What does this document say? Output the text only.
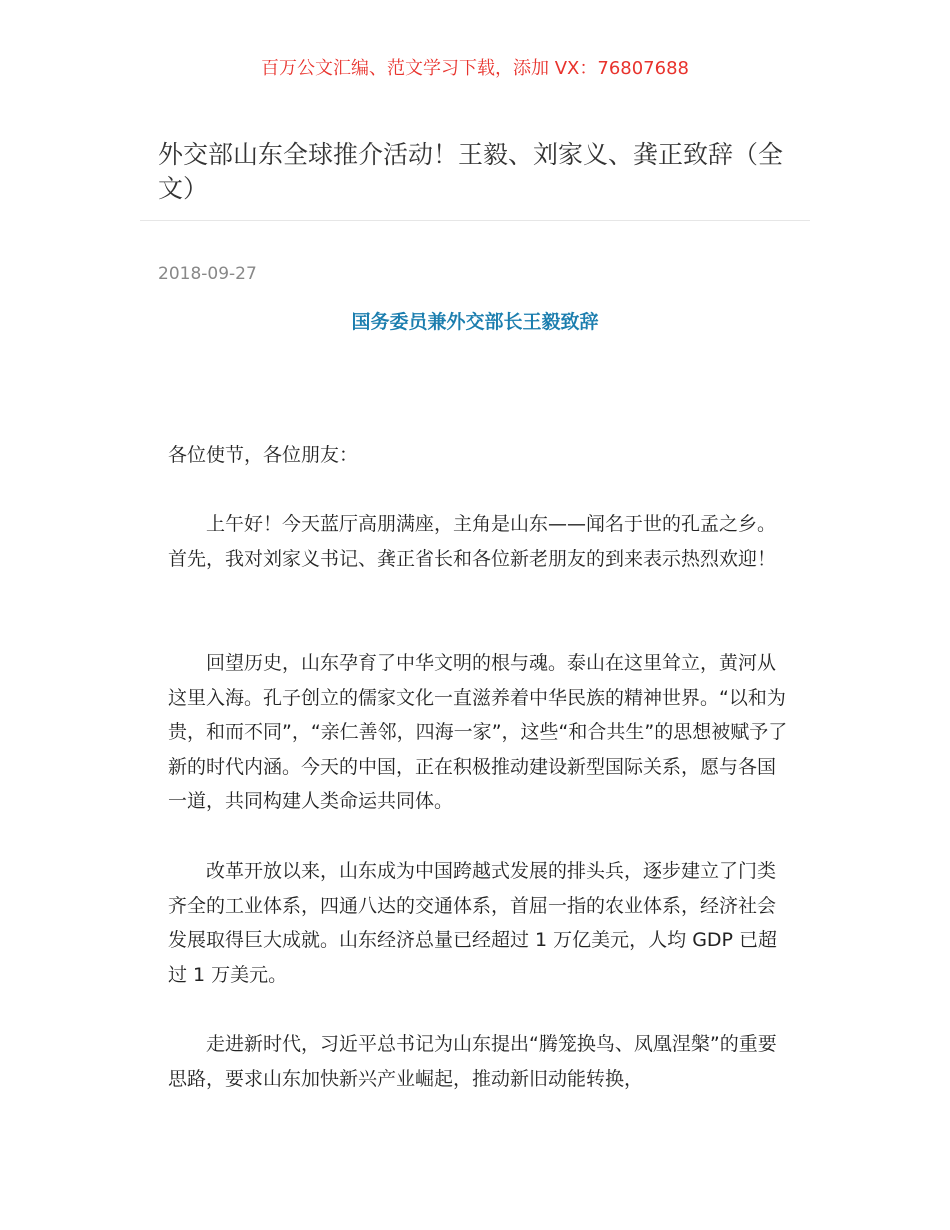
百万公文汇编、范文学习下载，添加 VX：76807688
外交部山东全球推介活动！王毅、刘家义、龚正致辞（全文）
2018-09-27
国务委员兼外交部长王毅致辞

各位使节，各位朋友：

上午好！今天蓝厅高朋满座，主角是山东——闻名于世的孔孟之乡。首先，我对刘家义书记、龚正省长和各位新老朋友的到来表示热烈欢迎！

回望历史，山东孕育了中华文明的根与魂。泰山在这里耸立，黄河从这里入海。孔子创立的儒家文化一直滋养着中华民族的精神世界。“以和为贵，和而不同”，“亲仁善邻，四海一家”，这些“和合共生”的思想被赋予了新的时代内涵。今天的中国，正在积极推动建设新型国际关系，愿与各国一道，共同构建人类命运共同体。

改革开放以来，山东成为中国跨越式发展的排头兵，逐步建立了门类齐全的工业体系，四通八达的交通体系，首屈一指的农业体系，经济社会发展取得巨大成就。山东经济总量已经超过 1 万亿美元，人均 GDP 已超过 1 万美元。

走进新时代，习近平总书记为山东提出“腾笼换鸟、凤凰涅槃”的重要思路，要求山东加快新兴产业崛起，推动新旧动能转换，
